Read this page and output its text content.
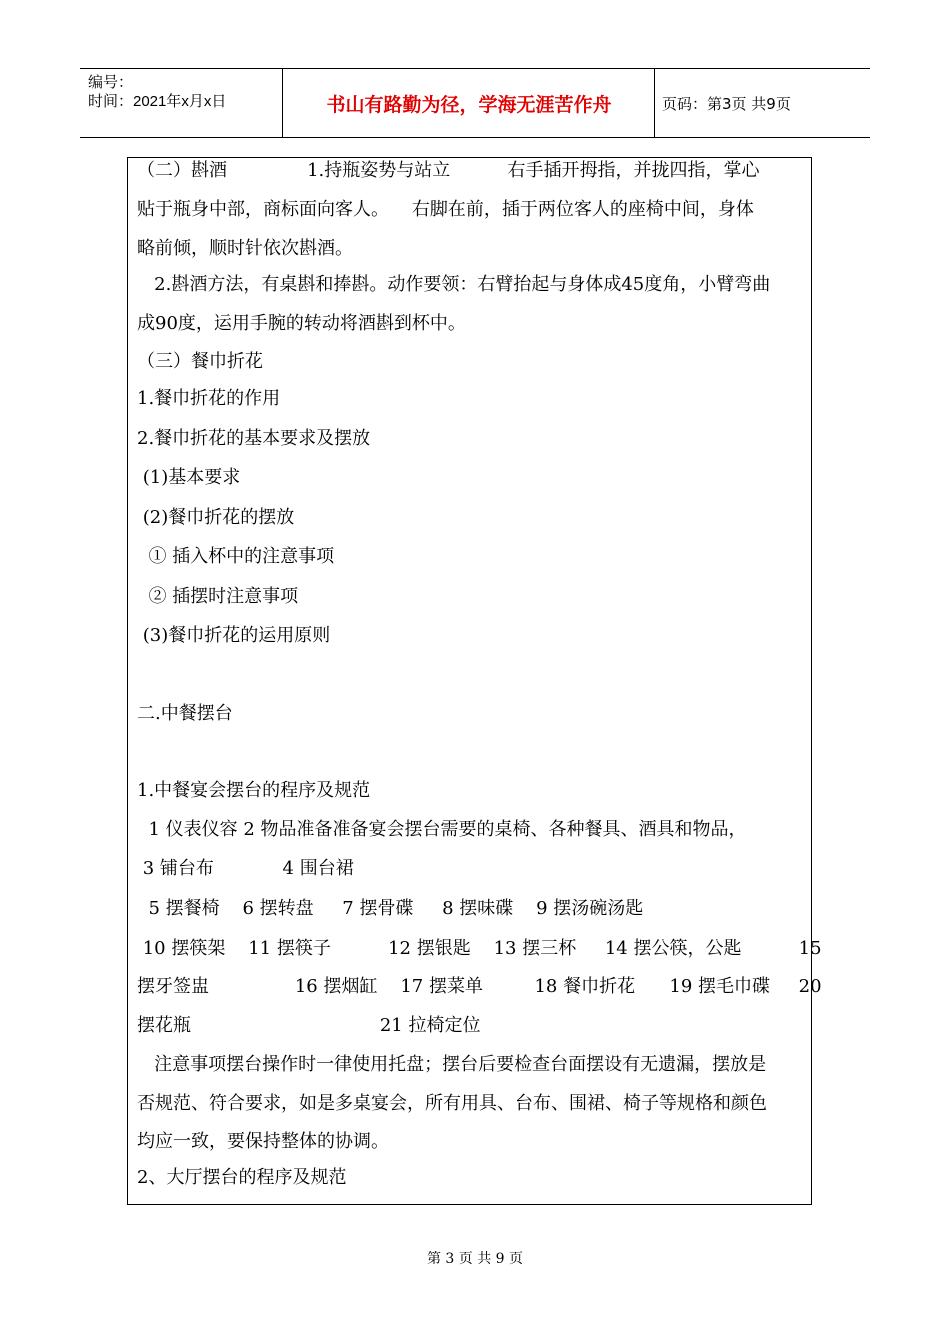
编号：
时间：2021年x月x日	书山有路勤为径，学海无涯苦作舟	页码：第3页 共9页
（二）斟酒              1.持瓶姿势与站立          右手插开拇指，并拢四指，掌心
贴于瓶身中部，商标面向客人。    右脚在前，插于两位客人的座椅中间，身体
略前倾，顺时针依次斟酒。
2.斟酒方法，有桌斟和捧斟。动作要领：右臂抬起与身体成45度角，小臂弯曲
成90度，运用手腕的转动将酒斟到杯中。
（三）餐巾折花
1.餐巾折花的作用
2.餐巾折花的基本要求及摆放
(1)基本要求
(2)餐巾折花的摆放
① 插入杯中的注意事项
② 插摆时注意事项
(3)餐巾折花的运用原则
二.中餐摆台
1.中餐宴会摆台的程序及规范
1 仪表仪容 2 物品准备准备宴会摆台需要的桌椅、各种餐具、酒具和物品，
3 铺台布            4 围台裙
5 摆餐椅    6 摆转盘     7 摆骨碟     8 摆味碟    9 摆汤碗汤匙
10 摆筷架    11 摆筷子          12 摆银匙    13 摆三杯     14 摆公筷，公匙          15
摆牙签盅               16 摆烟缸    17 摆菜单         18 餐巾折花      19 摆毛巾碟     20
摆花瓶                                 21 拉椅定位
注意事项摆台操作时一律使用托盘；摆台后要检查台面摆设有无遗漏，摆放是
否规范、符合要求，如是多桌宴会，所有用具、台布、围裙、椅子等规格和颜色
均应一致，要保持整体的协调。
2、大厅摆台的程序及规范
第 3 页 共 9 页
